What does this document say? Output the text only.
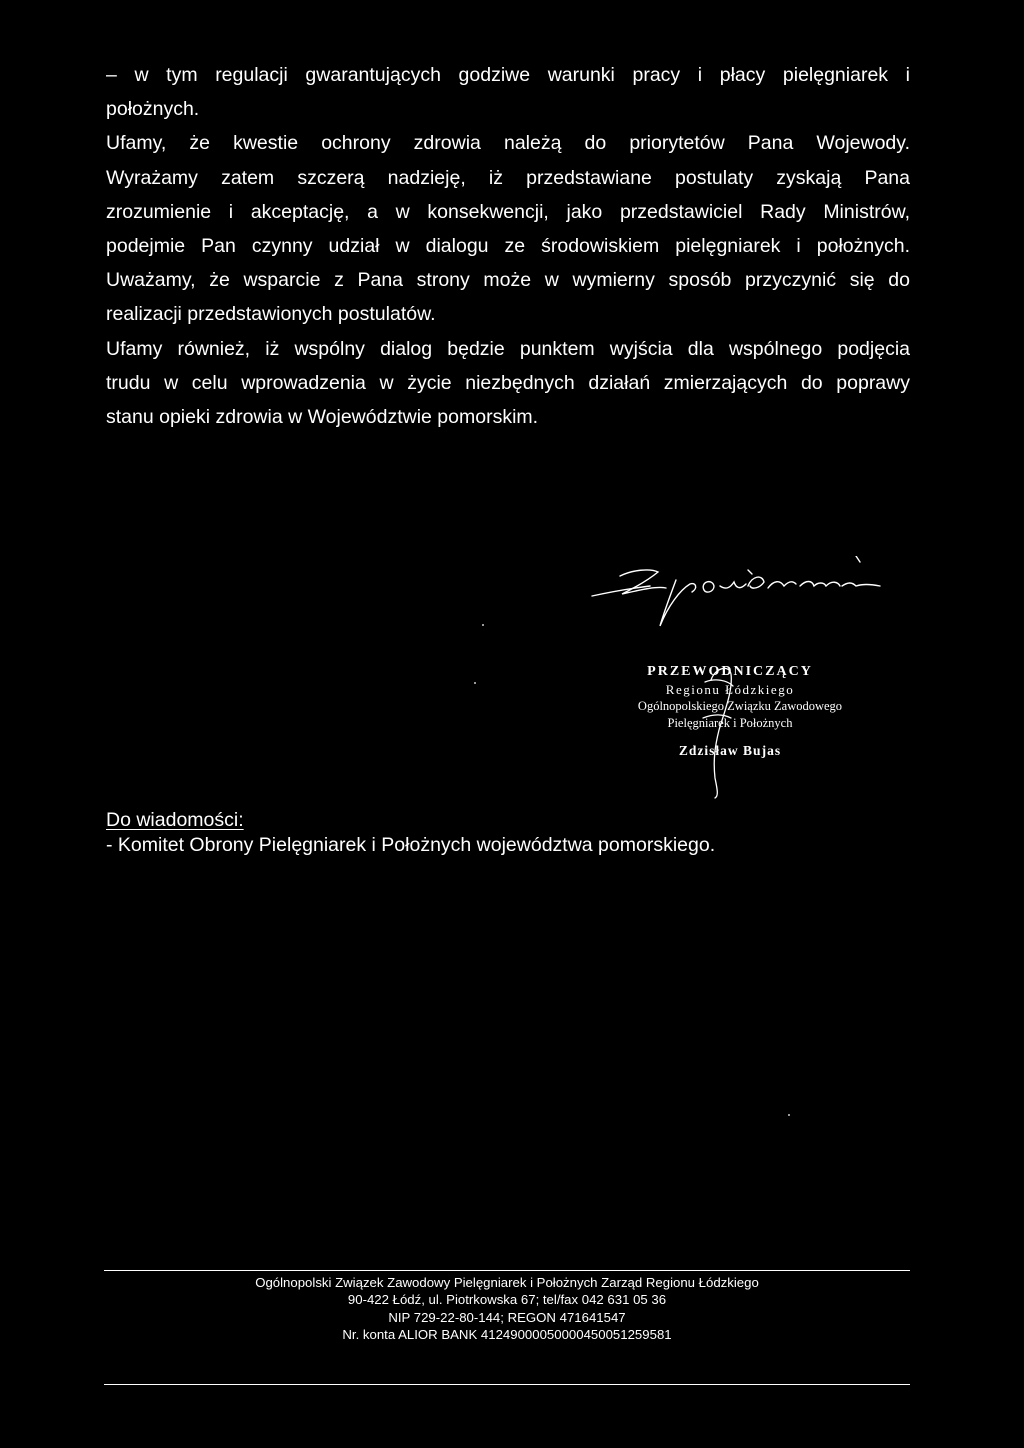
– w tym regulacji gwarantujących godziwe warunki pracy i płacy pielęgniarek i
położnych.
Ufamy, że kwestie ochrony zdrowia należą do priorytetów Pana Wojewody.
Wyrażamy zatem szczerą nadzieję, iż przedstawiane postulaty zyskają Pana
zrozumienie i akceptację, a w konsekwencji, jako przedstawiciel Rady Ministrów,
podejmie Pan czynny udział w dialogu ze środowiskiem pielęgniarek i położnych.
Uważamy, że wsparcie z Pana strony może w wymierny sposób przyczynić się do
realizacji przedstawionych postulatów.
Ufamy również, iż wspólny dialog będzie punktem wyjścia dla wspólnego podjęcia
trudu w celu wprowadzenia w życie niezbędnych działań zmierzających do poprawy
stanu opieki zdrowia w Województwie pomorskim.
PRZEWODNICZĄCY
Regionu Łódzkiego
Ogólnopolskiego Związku Zawodowego
Pielęgniarek i Położnych
Zdzisław Bujas
Do wiadomości:
- Komitet Obrony Pielęgniarek i Położnych województwa pomorskiego.
Ogólnopolski Związek Zawodowy Pielęgniarek i Położnych Zarząd Regionu Łódzkiego
90-422 Łódź, ul. Piotrkowska 67; tel/fax 042 631 05 36
NIP 729-22-80-144; REGON 471641547
Nr. konta ALIOR BANK 41249000050000450051259581
